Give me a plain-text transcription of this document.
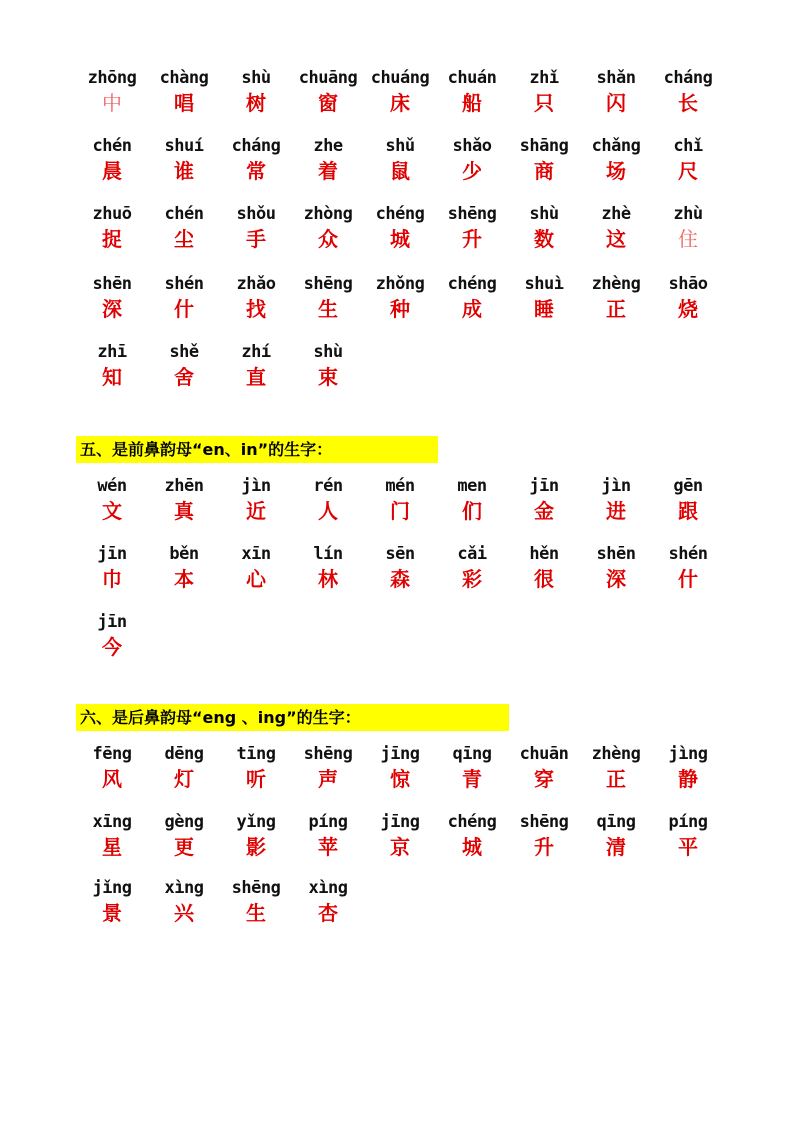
zhōng
中
chàng
唱
shù
树
chuāng
窗
chuáng
床
chuán
船
zhǐ
只
shǎn
闪
cháng
长
chén
晨
shuí
谁
cháng
常
zhe
着
shǔ
鼠
shǎo
少
shāng
商
chǎng
场
chǐ
尺
zhuō
捉
chén
尘
shǒu
手
zhòng
众
chéng
城
shēng
升
shù
数
zhè
这
zhù
住
shēn
深
shén
什
zhǎo
找
shēng
生
zhǒng
种
chéng
成
shuì
睡
zhèng
正
shāo
烧
zhī
知
shě
舍
zhí
直
shù
束
五、是前鼻韵母“en、in”的生字：
wén
文
zhēn
真
jìn
近
rén
人
mén
门
men
们
jīn
金
jìn
进
gēn
跟
jīn
巾
běn
本
xīn
心
lín
林
sēn
森
cǎi
彩
hěn
很
shēn
深
shén
什
jīn
今
六、是后鼻韵母“eng 、ing”的生字：
fēng
风
dēng
灯
tīng
听
shēng
声
jīng
惊
qīng
青
chuān
穿
zhèng
正
jìng
静
xīng
星
gèng
更
yǐng
影
píng
苹
jīng
京
chéng
城
shēng
升
qīng
清
píng
平
jǐng
景
xìng
兴
shēng
生
xìng
杏
